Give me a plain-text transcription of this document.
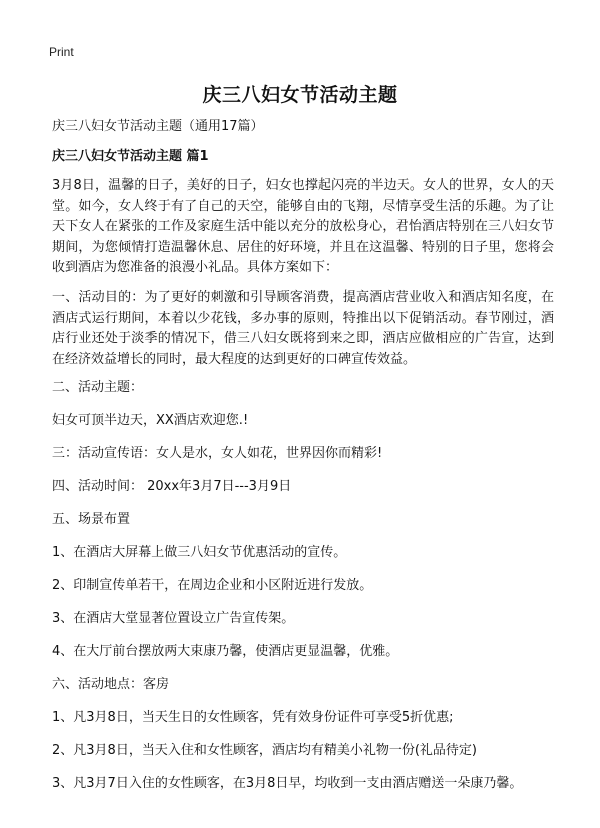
Print
庆三八妇女节活动主题

庆三八妇女节活动主题（通用17篇）

庆三八妇女节活动主题 篇1

3月8日，温馨的日子，美好的日子，妇女也撑起闪亮的半边天。女人的世界，女人的天堂。如今，女人终于有了自己的天空，能够自由的飞翔，尽情享受生活的乐趣。为了让天下女人在紧张的工作及家庭生活中能以充分的放松身心，君怡酒店特别在三八妇女节期间，为您倾情打造温馨休息、居住的好环境，并且在这温馨、特别的日子里，您将会收到酒店为您准备的浪漫小礼品。具体方案如下：

一、活动目的：为了更好的刺激和引导顾客消费，提高酒店营业收入和酒店知名度，在酒店式运行期间，本着以少花钱，多办事的原则，特推出以下促销活动。春节刚过，酒店行业还处于淡季的情况下，借三八妇女既将到来之即，酒店应做相应的广告宣，达到在经济效益增长的同时，最大程度的达到更好的口碑宣传效益。

二、活动主题：

妇女可顶半边天，XX酒店欢迎您.!

三：活动宣传语：女人是水，女人如花，世界因你而精彩!

四、活动时间： 20xx年3月7日---3月9日

五、场景布置

1、在酒店大屏幕上做三八妇女节优惠活动的宣传。

2、印制宣传单若干，在周边企业和小区附近进行发放。

3、在酒店大堂显著位置设立广告宣传架。

4、在大厅前台摆放两大束康乃馨，使酒店更显温馨，优雅。

六、活动地点：客房

1、凡3月8日，当天生日的女性顾客，凭有效身份证件可享受5折优惠;

2、凡3月8日，当天入住和女性顾客，酒店均有精美小礼物一份(礼品待定)

3、凡3月7日入住的女性顾客，在3月8日早，均收到一支由酒店赠送一朵康乃馨。
